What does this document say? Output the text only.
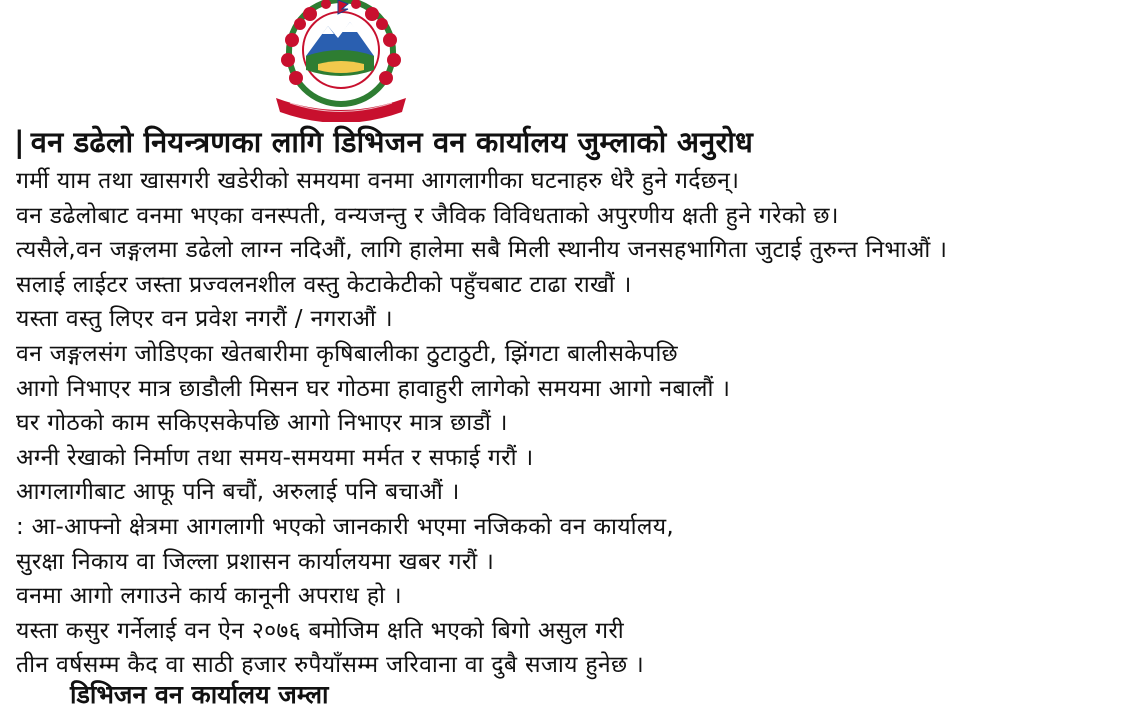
| वन डढेलो नियन्त्रणका लागि डिभिजन वन कार्यालय जुम्लाको अनुरोध
गर्मी याम तथा खासगरी खडेरीको समयमा वनमा आगलागीका घटनाहरु धेरै हुने गर्दछन्।
वन डढेलोबाट वनमा भएका वनस्पती, वन्यजन्तु र जैविक विविधताको अपुरणीय क्षती हुने गरेको छ।
त्यसैले,वन जङ्गलमा डढेलो लाग्न नदिऔं, लागि हालेमा सबै मिली स्थानीय जनसहभागिता जुटाई तुरुन्त निभाऔं ।
सलाई लाईटर जस्ता प्रज्वलनशील वस्तु केटाकेटीको पहुँचबाट टाढा राखौं ।
यस्ता वस्तु लिएर वन प्रवेश नगरौं / नगराऔं ।
वन जङ्गलसंग जोडिएका खेतबारीमा कृषिबालीका ठुटाठुटी, झिंगटा बालीसकेपछि
आगो निभाएर मात्र छाडौली मिसन घर गोठमा हावाहुरी लागेको समयमा आगो नबालौं ।
घर गोठको काम सकिएसकेपछि आगो निभाएर मात्र छाडौं ।
अग्नी रेखाको निर्माण तथा समय-समयमा मर्मत र सफाई गरौं ।
आगलागीबाट आफू पनि बचौं, अरुलाई पनि बचाऔं ।
: आ-आफ्नो क्षेत्रमा आगलागी भएको जानकारी भएमा नजिकको वन कार्यालय,
सुरक्षा निकाय वा जिल्ला प्रशासन कार्यालयमा खबर गरौं ।
वनमा आगो लगाउने कार्य कानूनी अपराध हो ।
यस्ता कसुर गर्नेलाई वन ऐन २०७६ बमोजिम क्षति भएको बिगो असुल गरी
तीन वर्षसम्म कैद वा साठी हजार रुपैयाँसम्म जरिवाना वा दुबै सजाय हुनेछ ।
डिभिजन वन कार्यालय जम्ला
